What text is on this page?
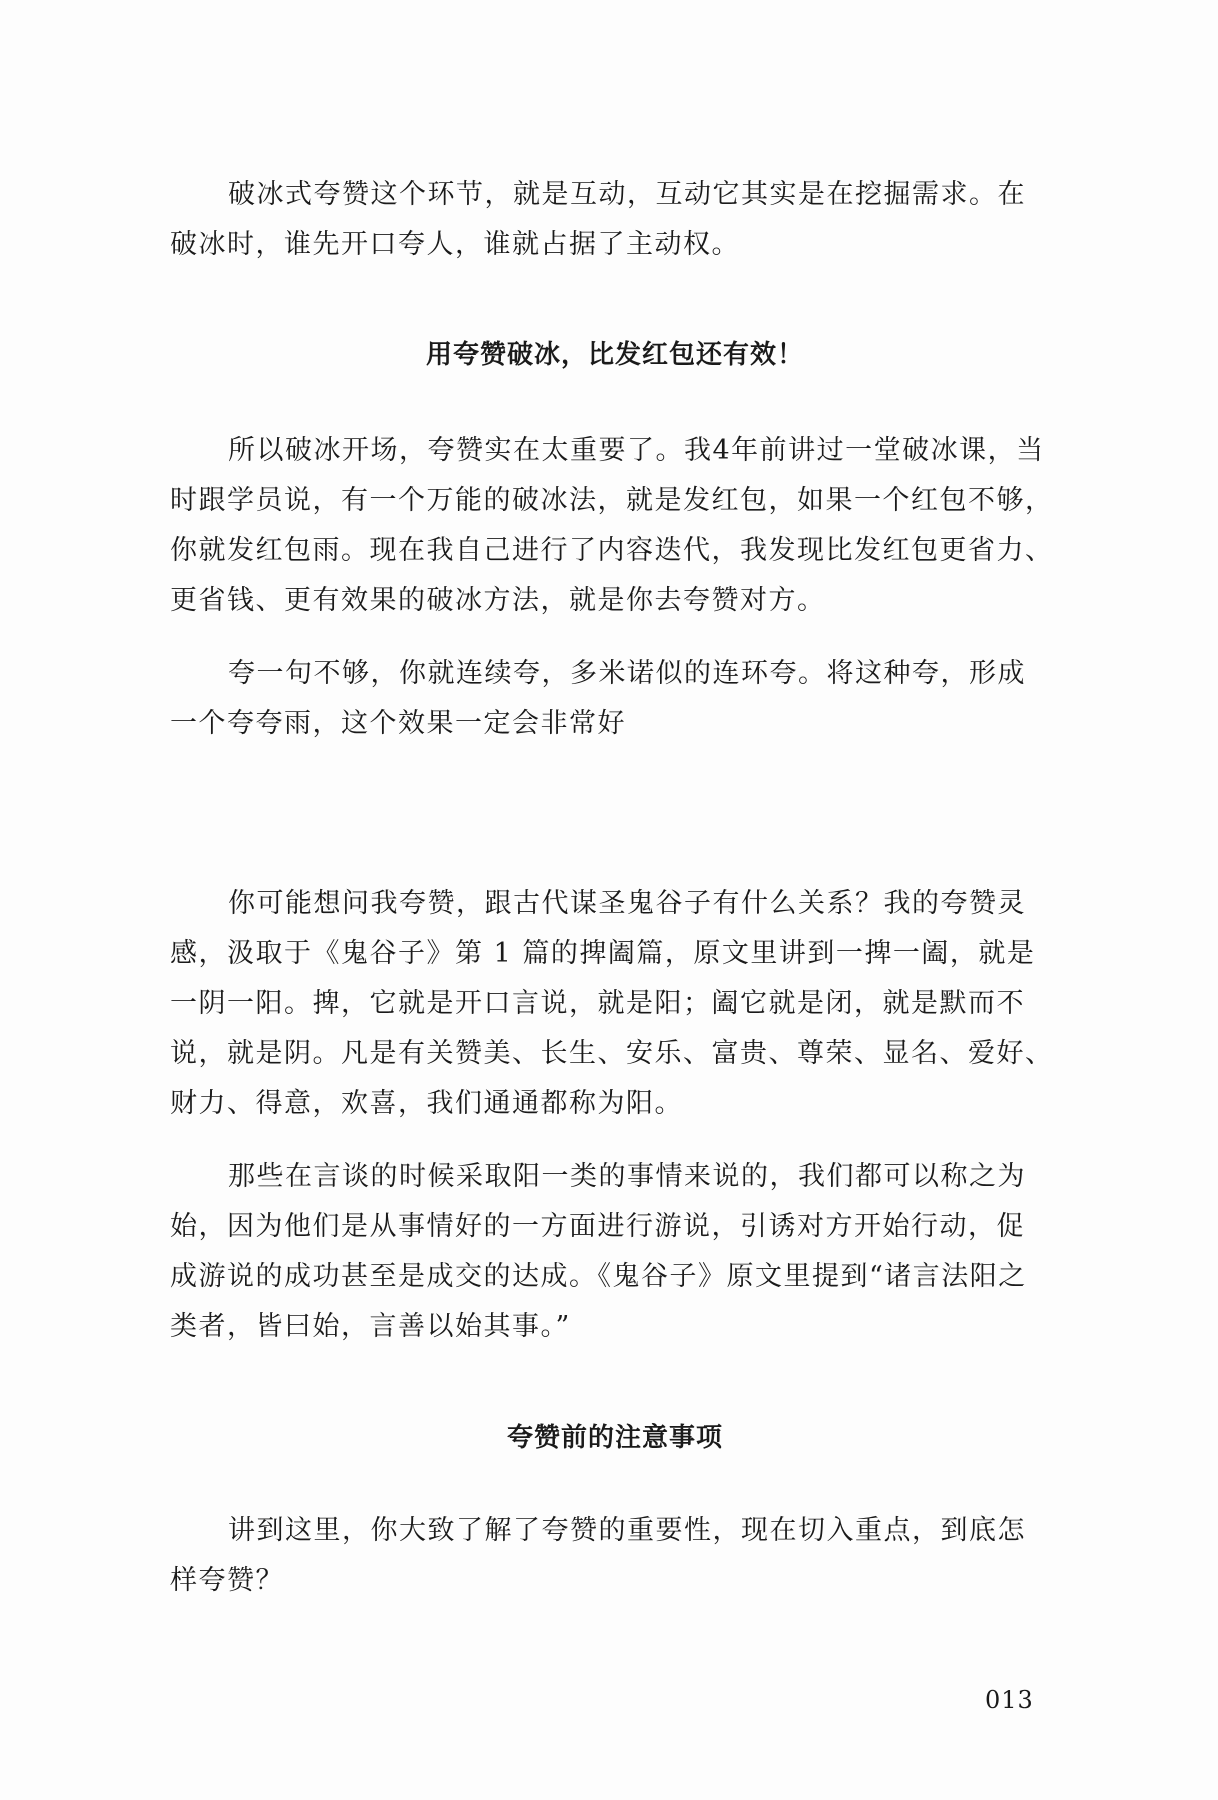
破冰式夸赞这个环节，就是互动，互动它其实是在挖掘需求。在
破冰时，谁先开口夸人，谁就占据了主动权。
用夸赞破冰，比发红包还有效！
所以破冰开场，夸赞实在太重要了。我4年前讲过一堂破冰课，当
时跟学员说，有一个万能的破冰法，就是发红包，如果一个红包不够，
你就发红包雨。现在我自己进行了内容迭代，我发现比发红包更省力、
更省钱、更有效果的破冰方法，就是你去夸赞对方。
夸一句不够，你就连续夸，多米诺似的连环夸。将这种夸，形成
一个夸夸雨，这个效果一定会非常好
你可能想问我夸赞，跟古代谋圣鬼谷子有什么关系？我的夸赞灵
感，汲取于《鬼谷子》第 1 篇的捭阖篇，原文里讲到一捭一阖，就是
一阴一阳。捭，它就是开口言说，就是阳；阖它就是闭，就是默而不
说，就是阴。凡是有关赞美、长生、安乐、富贵、尊荣、显名、爱好、
财力、得意，欢喜，我们通通都称为阳。
那些在言谈的时候采取阳一类的事情来说的，我们都可以称之为
始，因为他们是从事情好的一方面进行游说，引诱对方开始行动，促
成游说的成功甚至是成交的达成。《鬼谷子》原文里提到“诸言法阳之
类者，皆曰始，言善以始其事。”
夸赞前的注意事项
讲到这里，你大致了解了夸赞的重要性，现在切入重点，到底怎
样夸赞？
013
